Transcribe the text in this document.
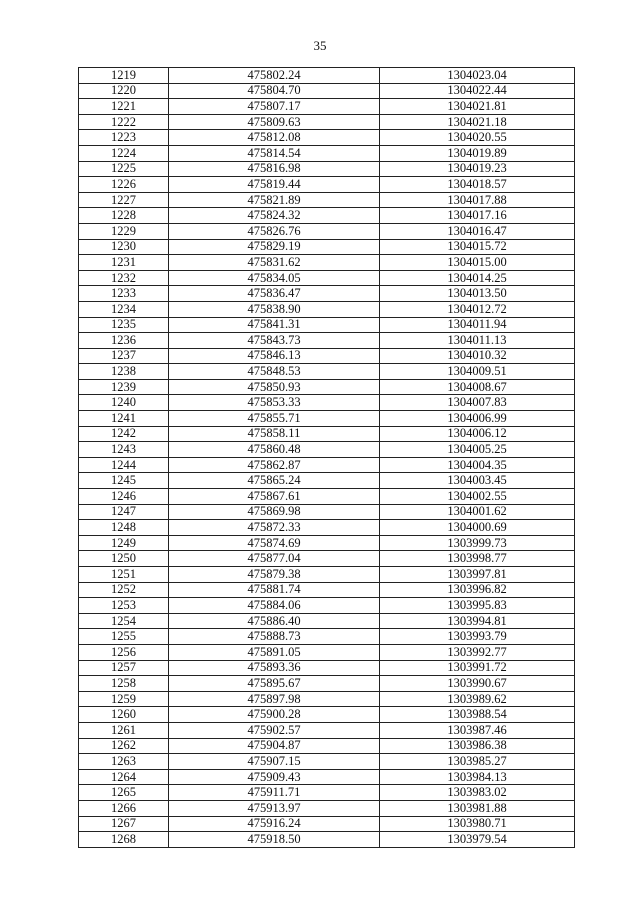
35
1219	475802.24	1304023.04
1220	475804.70	1304022.44
1221	475807.17	1304021.81
1222	475809.63	1304021.18
1223	475812.08	1304020.55
1224	475814.54	1304019.89
1225	475816.98	1304019.23
1226	475819.44	1304018.57
1227	475821.89	1304017.88
1228	475824.32	1304017.16
1229	475826.76	1304016.47
1230	475829.19	1304015.72
1231	475831.62	1304015.00
1232	475834.05	1304014.25
1233	475836.47	1304013.50
1234	475838.90	1304012.72
1235	475841.31	1304011.94
1236	475843.73	1304011.13
1237	475846.13	1304010.32
1238	475848.53	1304009.51
1239	475850.93	1304008.67
1240	475853.33	1304007.83
1241	475855.71	1304006.99
1242	475858.11	1304006.12
1243	475860.48	1304005.25
1244	475862.87	1304004.35
1245	475865.24	1304003.45
1246	475867.61	1304002.55
1247	475869.98	1304001.62
1248	475872.33	1304000.69
1249	475874.69	1303999.73
1250	475877.04	1303998.77
1251	475879.38	1303997.81
1252	475881.74	1303996.82
1253	475884.06	1303995.83
1254	475886.40	1303994.81
1255	475888.73	1303993.79
1256	475891.05	1303992.77
1257	475893.36	1303991.72
1258	475895.67	1303990.67
1259	475897.98	1303989.62
1260	475900.28	1303988.54
1261	475902.57	1303987.46
1262	475904.87	1303986.38
1263	475907.15	1303985.27
1264	475909.43	1303984.13
1265	475911.71	1303983.02
1266	475913.97	1303981.88
1267	475916.24	1303980.71
1268	475918.50	1303979.54
